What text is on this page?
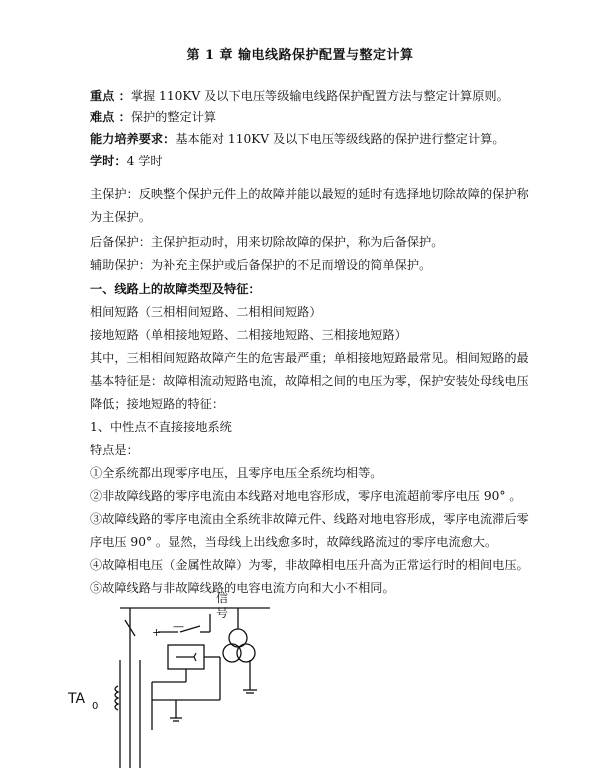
第 1 章 输电线路保护配置与整定计算
重点 ：掌握 110KV 及以下电压等级输电线路保护配置方法与整定计算原则。
难点 ：保护的整定计算
能力培养要求：基本能对 110KV 及以下电压等级线路的保护进行整定计算。
学时：4 学时
主保护：反映整个保护元件上的故障并能以最短的延时有选择地切除故障的保护称
为主保护。
后备保护：主保护拒动时，用来切除故障的保护，称为后备保护。
辅助保护：为补充主保护或后备保护的不足而增设的简单保护。
一、线路上的故障类型及特征：
相间短路（三相相间短路、二相相间短路）
接地短路（单相接地短路、二相接地短路、三相接地短路）
其中，三相相间短路故障产生的危害最严重；单相接地短路最常见。相间短路的最
基本特征是：故障相流动短路电流，故障相之间的电压为零，保护安装处母线电压
降低；接地短路的特征：
1、中性点不直接接地系统
特点是：
①全系统都出现零序电压，且零序电压全系统均相等。
②非故障线路的零序电流由本线路对地电容形成，零序电流超前零序电压 90° 。
③故障线路的零序电流由全系统非故障元件、线路对地电容形成，零序电流滞后零
序电压 90° 。显然，当母线上出线愈多时，故障线路流过的零序电流愈大。
④故障相电压（金属性故障）为零，非故障相电压升高为正常运行时的相间电压。
⑤故障线路与非故障线路的电容电流方向和大小不相同。
信
号
+ —
TA 0
